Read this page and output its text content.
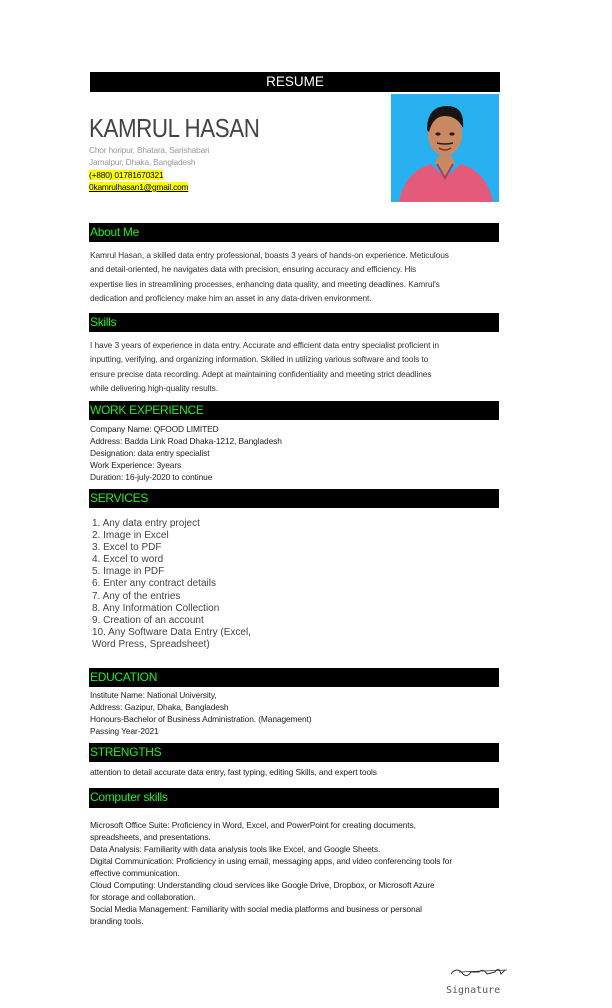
RESUME
KAMRUL HASAN
Chor horipur, Bhatara, Sarishabari
Jamalpur, Dhaka, Bangladesh
(+880) 01781670321
0kamrulhasan1@gmail.com
About Me
Kamrul Hasan, a skilled data entry professional, boasts 3 years of hands-on experience. Meticulous
and detail-oriented, he navigates data with precision, ensuring accuracy and efficiency. His
expertise lies in streamlining processes, enhancing data quality, and meeting deadlines. Kamrul's
dedication and proficiency make him an asset in any data-driven environment.
Skills
I have 3 years of experience in data entry. Accurate and efficient data entry specialist proficient in
inputting, verifying, and organizing information. Skilled in utilizing various software and tools to
ensure precise data recording. Adept at maintaining confidentiality and meeting strict deadlines
while delivering high-quality results.
WORK EXPERIENCE
Company Name: QFOOD LIMITED
Address: Badda Link Road Dhaka-1212, Bangladesh
Designation: data entry specialist
Work Experience: 3years
Duration: 16-july-2020 to continue
SERVICES
1. Any data entry project
2. Image in Excel
3. Excel to PDF
4. Excel to word
5. Image in PDF
6. Enter any contract details
7. Any of the entries
8. Any Information Collection
9. Creation of an account
10. Any Software Data Entry (Excel,
Word Press, Spreadsheet)
EDUCATION
Institute Name: National University,
Address: Gazipur, Dhaka, Bangladesh
Honours-Bachelor of Business Administration. (Management)
Passing Year-2021
STRENGTHS
attention to detail accurate data entry, fast typing, editing Skills, and expert tools
Computer skills
Microsoft Office Suite: Proficiency in Word, Excel, and PowerPoint for creating documents,
spreadsheets, and presentations.
Data Analysis: Familiarity with data analysis tools like Excel, and Google Sheets.
Digital Communication: Proficiency in using email, messaging apps, and video conferencing tools for
effective communication.
Cloud Computing: Understanding cloud services like Google Drive, Dropbox, or Microsoft Azure
for storage and collaboration.
Social Media Management: Familiarity with social media platforms and business or personal
branding tools.
Signature
